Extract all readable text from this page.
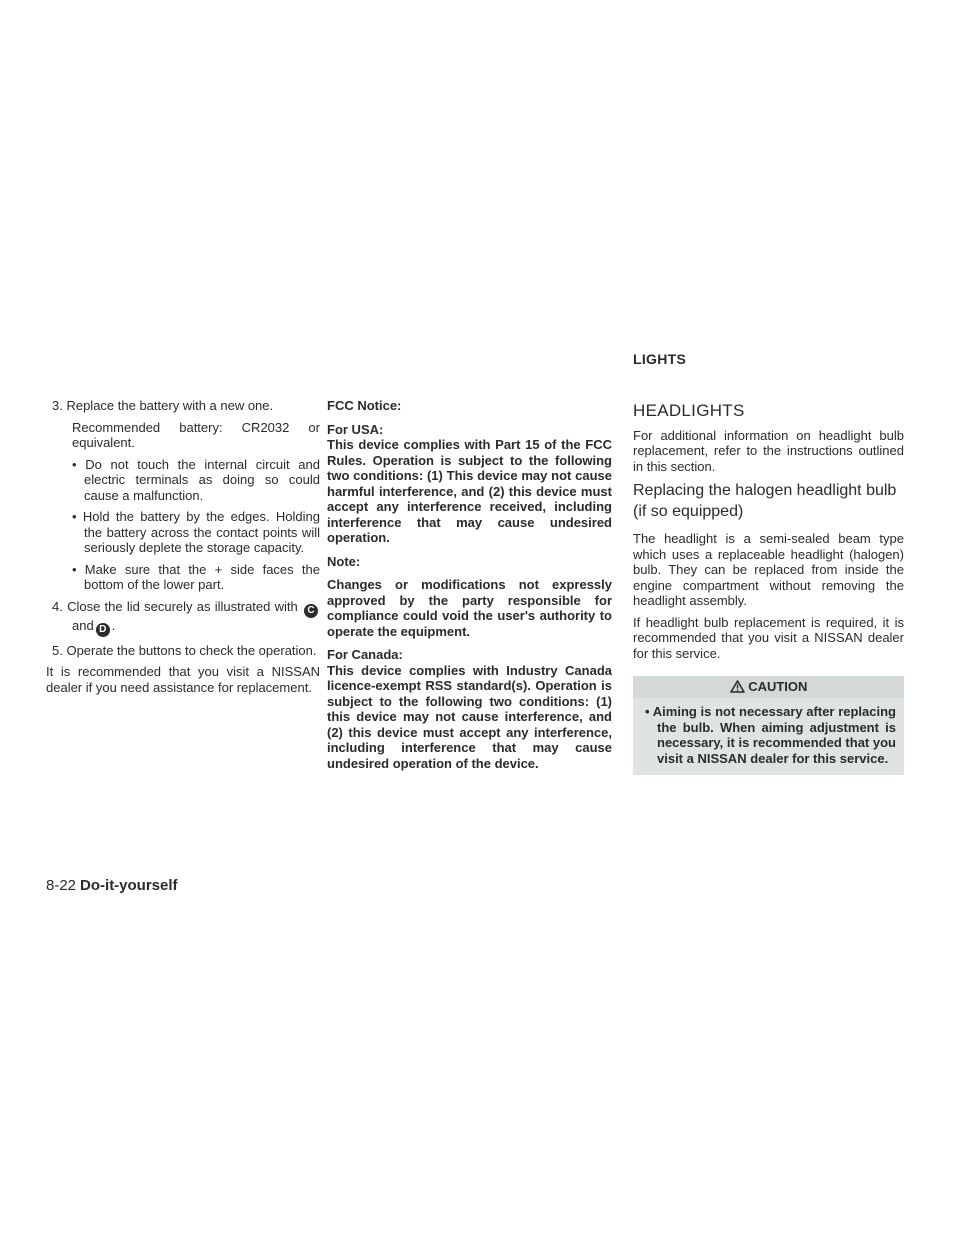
LIGHTS
3. Replace the battery with a new one.
Recommended battery: CR2032 or equivalent.
• Do not touch the internal circuit and electric terminals as doing so could cause a malfunction.
• Hold the battery by the edges. Holding the battery across the contact points will seriously deplete the storage capacity.
• Make sure that the + side faces the bottom of the lower part.
4. Close the lid securely as illustrated with Cand D .
5. Operate the buttons to check the operation.

It is recommended that you visit a NISSAN dealer if you need assistance for replacement.

FCC Notice:

For USA:

This device complies with Part 15 of the FCC Rules. Operation is subject to the following two conditions: (1) This device may not cause harmful interference, and (2) this device must accept any interference received, including interference that may cause undesired operation.

Note:

Changes or modifications not expressly approved by the party responsible for compliance could void the user's authority to operate the equipment.

For Canada:

This device complies with Industry Canada licence-exempt RSS standard(s). Operation is subject to the following two conditions: (1) this device may not cause interference, and (2) this device must accept any interference, including interference that may cause undesired operation of the device.

HEADLIGHTS

For additional information on headlight bulb replacement, refer to the instructions outlined in this section.

Replacing the halogen headlight bulb (if so equipped)

The headlight is a semi-sealed beam type which uses a replaceable headlight (halogen) bulb. They can be replaced from inside the engine compartment without removing the headlight assembly.

If headlight bulb replacement is required, it is recommended that you visit a NISSAN dealer for this service.

CAUTION
• Aiming is not necessary after replacing the bulb. When aiming adjustment is necessary, it is recommended that you visit a NISSAN dealer for this service.
8-22 Do-it-yourself
